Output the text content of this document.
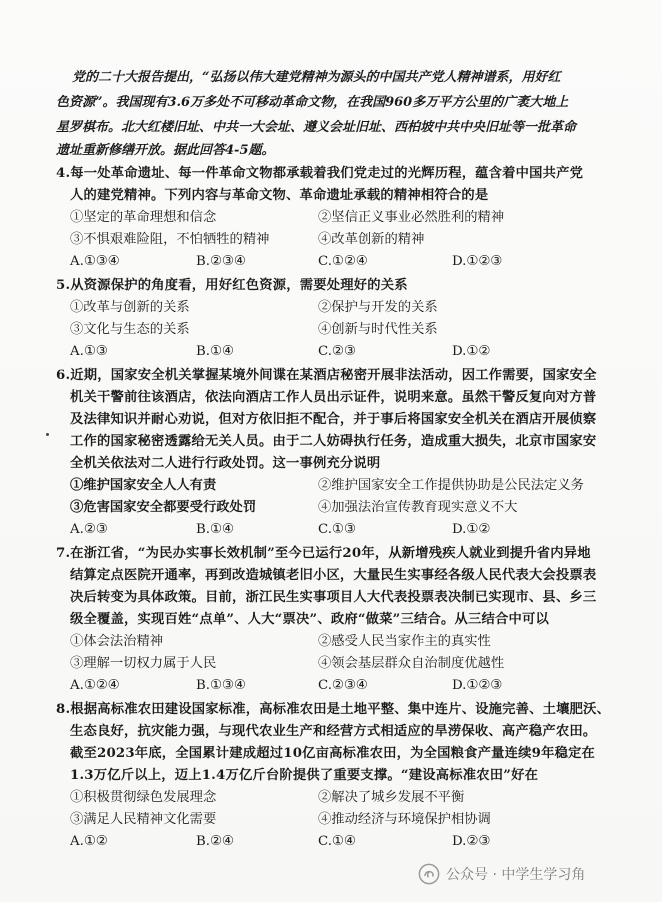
党的二十大报告提出，“弘扬以伟大建党精神为源头的中国共产党人精神谱系，用好红
色资源”。我国现有3.6万多处不可移动革命文物，在我国960多万平方公里的广袤大地上
星罗棋布。北大红楼旧址、中共一大会址、遵义会址旧址、西柏坡中共中央旧址等一批革命
遗址重新修缮开放。据此回答4-5题。
4.每一处革命遗址、每一件革命文物都承载着我们党走过的光辉历程，蕴含着中国共产党
人的建党精神。下列内容与革命文物、革命遗址承载的精神相符合的是
①坚定的革命理想和信念	②坚信正义事业必然胜利的精神
③不惧艰难险阻，不怕牺牲的精神	④改革创新的精神
A.①③④	B.②③④	C.①②④	D.①②③
5.从资源保护的角度看，用好红色资源，需要处理好的关系
①改革与创新的关系	②保护与开发的关系
③文化与生态的关系	④创新与时代性关系
A.①③	B.①④	C.②③	D.①②
6.近期，国家安全机关掌握某境外间谍在某酒店秘密开展非法活动，因工作需要，国家安全
机关干警前往该酒店，依法向酒店工作人员出示证件，说明来意。虽然干警反复向对方普
及法律知识并耐心劝说，但对方依旧拒不配合，并于事后将国家安全机关在酒店开展侦察
工作的国家秘密透露给无关人员。由于二人妨碍执行任务，造成重大损失，北京市国家安
全机关依法对二人进行行政处罚。这一事例充分说明
①维护国家安全人人有责	②维护国家安全工作提供协助是公民法定义务
③危害国家安全都要受行政处罚	④加强法治宣传教育现实意义不大
A.②③	B.①④	C.①③	D.①②
7.在浙江省，“为民办实事长效机制”至今已运行20年，从新增残疾人就业到提升省内异地
结算定点医院开通率，再到改造城镇老旧小区，大量民生实事经各级人民代表大会投票表
决后转变为具体政策。目前，浙江民生实事项目人大代表投票表决制已实现市、县、乡三
级全覆盖，实现百姓“点单”、人大“票决”、政府“做菜”三结合。从三结合中可以
①体会法治精神	②感受人民当家作主的真实性
③理解一切权力属于人民	④领会基层群众自治制度优越性
A.①②④	B.①③④	C.②③④	D.①②③
8.根据高标准农田建设国家标准，高标准农田是土地平整、集中连片、设施完善、土壤肥沃、
生态良好，抗灾能力强，与现代农业生产和经营方式相适应的旱涝保收、高产稳产农田。
截至2023年底，全国累计建成超过10亿亩高标准农田，为全国粮食产量连续9年稳定在
1.3万亿斤以上，迈上1.4万亿斤台阶提供了重要支撑。“建设高标准农田”好在
①积极贯彻绿色发展理念	②解决了城乡发展不平衡
③满足人民精神文化需要	④推动经济与环境保护相协调
A.①②	B.②④	C.①④	D.②③
公众号 · 中学生学习角
